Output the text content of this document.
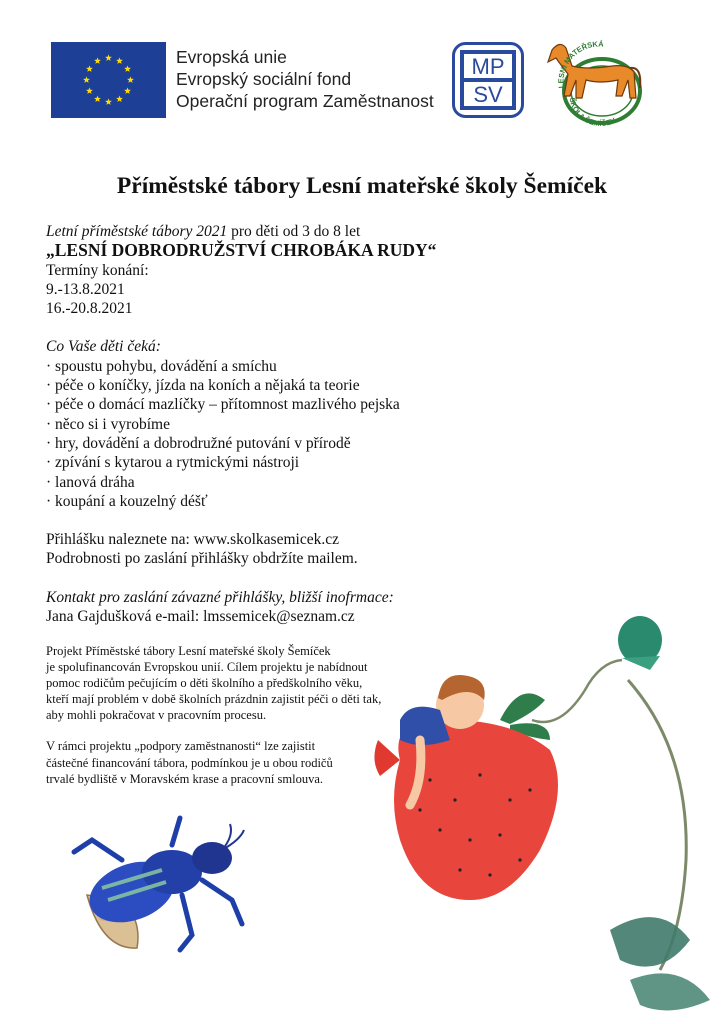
Evropská unie
Evropský sociální fond
Operační program Zaměstnanost
MP
SV	LESNÍ MATEŘSKÁ
ŠKOLA ŠEMÍČEK
Příměstské tábory Lesní mateřské školy Šemíček
Letní příměstské tábory 2021 pro děti od 3 do 8 let
„LESNÍ DOBRODRUŽSTVÍ CHROBÁKA RUDY“
Termíny konání:
9.-13.8.2021
16.-20.8.2021
Co Vaše děti čeká:
· spoustu pohybu, dovádění a smíchu
· péče o koníčky, jízda na koních a nějaká ta teorie
· péče o domácí mazlíčky – přítomnost mazlivého pejska
· něco si i vyrobíme
· hry, dovádění a dobrodružné putování v přírodě
· zpívání s kytarou a rytmickými nástroji
· lanová dráha
· koupání a kouzelný déšť
Přihlášku naleznete na: www.skolkasemicek.cz
Podrobnosti po zaslání přihlášky obdržíte mailem.
Kontakt pro zaslání závazné přihlášky, bližší inofrmace:
Jana Gajdušková e-mail: lmssemicek@seznam.cz
Projekt Příměstské tábory Lesní mateřské školy Šemíček
je spolufinancován Evropskou unií. Cílem projektu je nabídnout
pomoc rodičům pečujícím o děti školního a předškolního věku,
kteří mají problém v době školních prázdnin zajistit péči o děti tak,
aby mohli pokračovat v pracovním procesu.
V rámci projektu „podpory zaměstnanosti“ lze zajistit
částečné financování tábora, podmínkou je u obou rodičů
trvalé bydliště v Moravském krase a pracovní smlouva.
